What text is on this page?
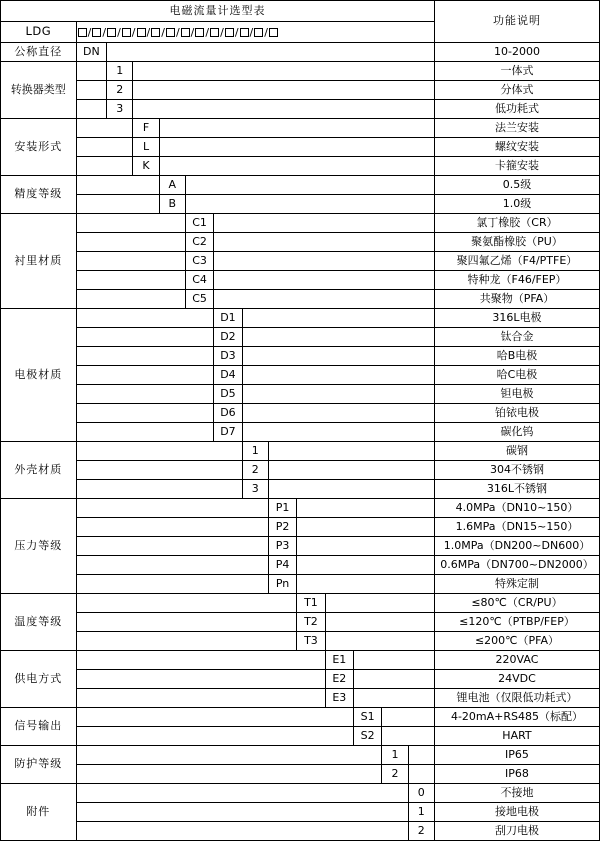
电磁流量计选型表														功能说明
LDG	/ / / / / / / / / / / / /

公称直径	DN													10-2000
转换器类型		1												一体式
		2												分体式
		3												低功耗式
安装形式			F											法兰安装
			L											螺纹安装
			K											卡箍安装
精度等级				A										0.5级
				B										1.0级
衬里材质					C1									氯丁橡胶（CR）
					C2									聚氨酯橡胶（PU）
					C3									聚四氟乙烯（F4/PTFE）
					C4									特种龙（F46/FEP）
					C5									共聚物（PFA）
电极材质						D1								316L电极
						D2								钛合金
						D3								哈B电极
						D4								哈C电极
						D5								钽电极
						D6								铂铱电极
						D7								碳化钨
外壳材质							1							碳钢
							2							304不锈钢
							3							316L不锈钢
压力等级								P1						4.0MPa（DN10~150）
								P2						1.6MPa（DN15~150）
								P3						1.0MPa（DN200~DN600）
								P4						0.6MPa（DN700~DN2000）
								Pn						特殊定制
温度等级									T1					≤80℃（CR/PU）
									T2					≤120℃（PTBP/FEP）
									T3					≤200℃（PFA）
供电方式										E1				220VAC
										E2				24VDC
										E3				锂电池（仅限低功耗式）
信号输出											S1			4-20mA+RS485（标配）
											S2			HART
防护等级												1		IP65
												2		IP68
附件													0	不接地
													1	接地电极
													2	刮刀电极
